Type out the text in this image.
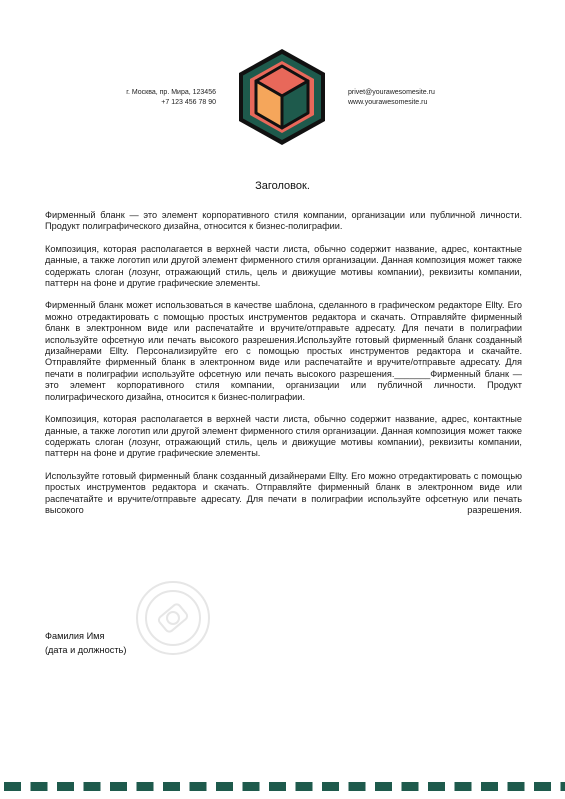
г. Москва, пр. Мира, 123456
+7 123 456 78 90
privet@yourawesomesite.ru
www.yourawesomesite.ru
Заголовок.

Фирменный бланк — это элемент корпоративного стиля компании, организации или публичной личности. Продукт полиграфического дизайна, относится к бизнес-полиграфии.

Композиция, которая располагается в верхней части листа, обычно содержит название, адрес, контактные данные, а также логотип или другой элемент фирменного стиля организации. Данная композиция может также содержать слоган (лозунг, отражающий стиль, цель и движущие мотивы компании), реквизиты компании, паттерн на фоне и другие графические элементы.

Фирменный бланк может использоваться в качестве шаблона, сделанного в графическом редакторе Ellty. Его можно отредактировать с помощью простых инструментов редактора и скачать. Отправляйте фирменный бланк в электронном виде или распечатайте и вручите/отправьте адресату. Для печати в полиграфии используйте офсетную или печать высокого разрешения.Используйте готовый фирменный бланк созданный дизайнерами Ellty. Персонализируйте его с помощью простых инструментов редактора и скачайте. Отправляйте фирменный бланк в электронном виде или распечатайте и вручите/отправьте адресату. Для печати в полиграфии используйте офсетную или печать высокого разрешения._______Фирменный бланк — это элемент корпоративного стиля компании, организации или публичной личности. Продукт полиграфического дизайна, относится к бизнес-полиграфии.

Композиция, которая располагается в верхней части листа, обычно содержит название, адрес, контактные данные, а также логотип или другой элемент фирменного стиля организации. Данная композиция может также содержать слоган (лозунг, отражающий стиль, цель и движущие мотивы компании), реквизиты компании, паттерн на фоне и другие графические элементы.

Используйте готовый фирменный бланк созданный дизайнерами Ellty. Его можно отредактировать с помощью простых инструментов редактора и скачать. Отправляйте фирменный бланк в электронном виде или распечатайте и вручите/отправьте адресату. Для печати в полиграфии используйте офсетную или печать высокого разрешения.

Фамилия Имя
(дата и должность)
